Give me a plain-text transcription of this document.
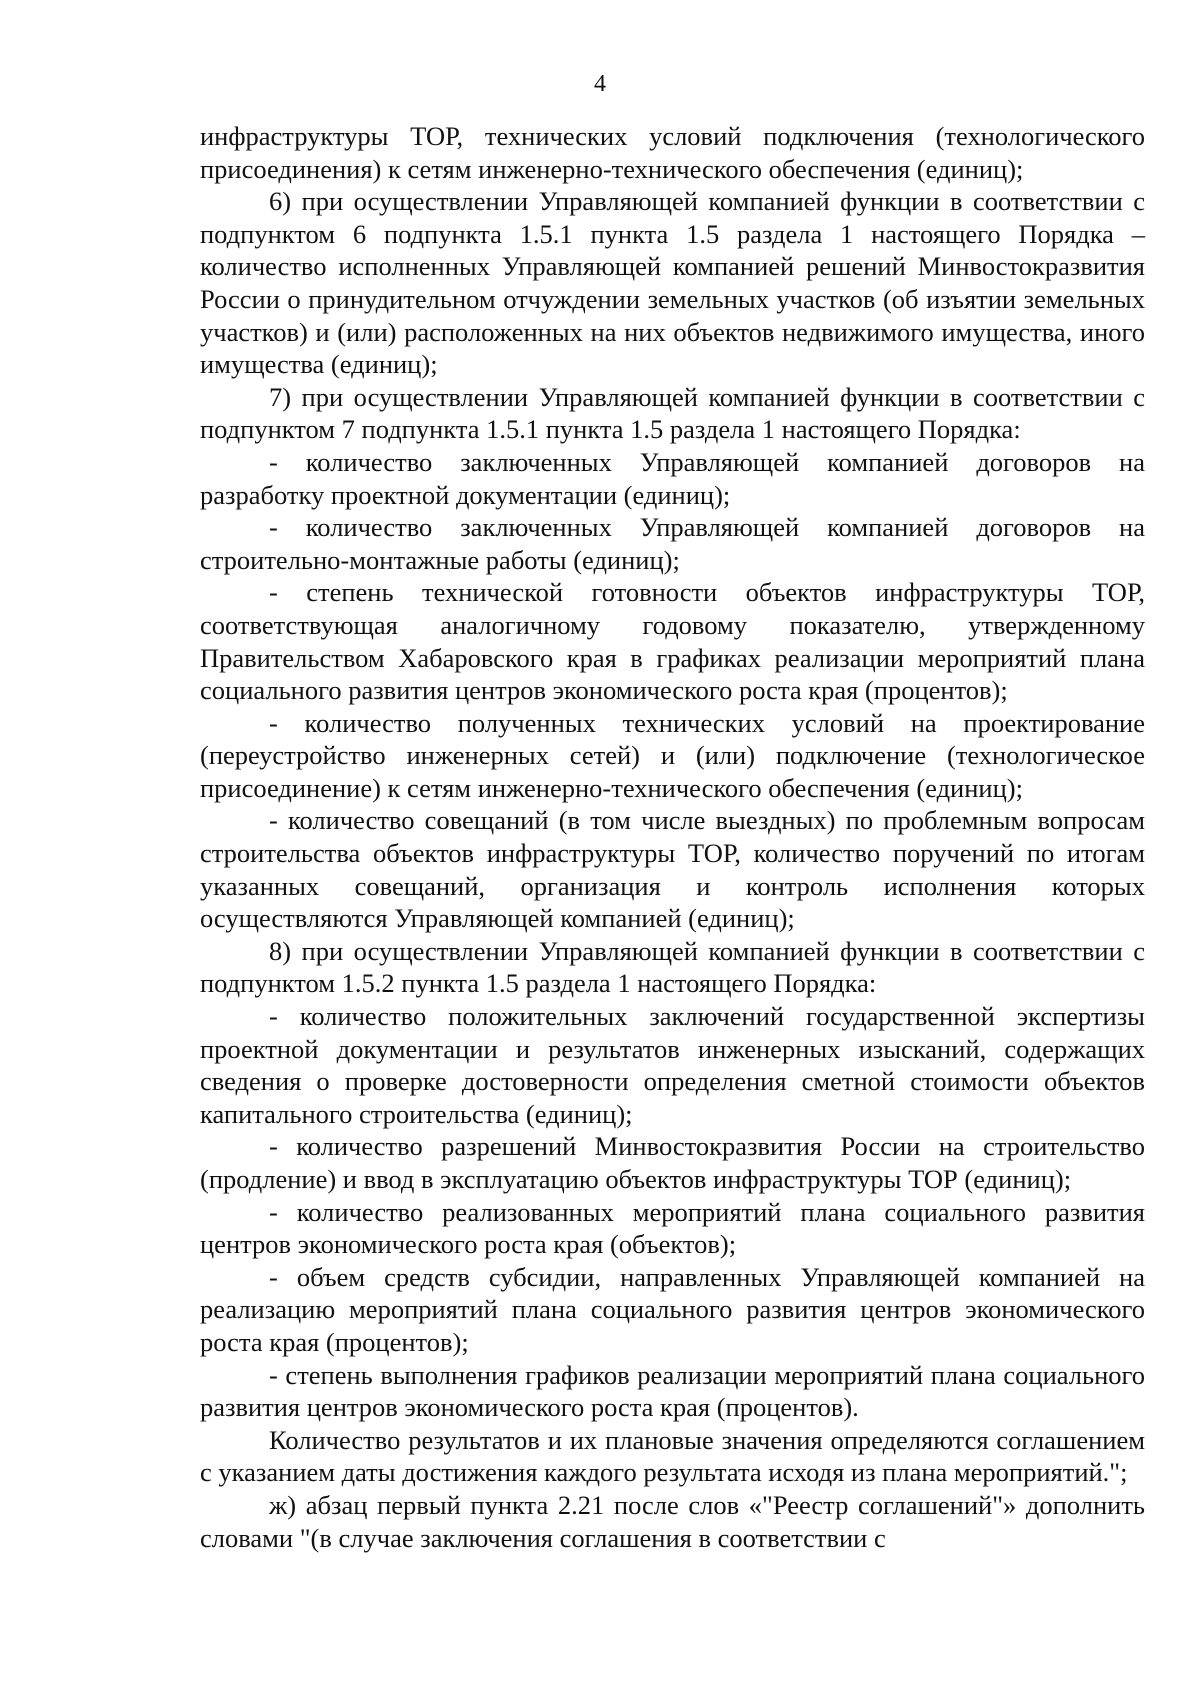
4

инфраструктуры ТОР, технических условий подключения (технологического присоединения) к сетям инженерно-технического обеспечения (единиц);

6) при осуществлении Управляющей компанией функции в соответствии с подпунктом 6 подпункта 1.5.1 пункта 1.5 раздела 1 настоящего Порядка – количество исполненных Управляющей компанией решений Минвостокразвития России о принудительном отчуждении земельных участков (об изъятии земельных участков) и (или) расположенных на них объектов недвижимого имущества, иного имущества (единиц);

7) при осуществлении Управляющей компанией функции в соответствии с подпунктом 7 подпункта 1.5.1 пункта 1.5 раздела 1 настоящего Порядка:

- количество заключенных Управляющей компанией договоров на разработку проектной документации (единиц);

- количество заключенных Управляющей компанией договоров на строительно-монтажные работы (единиц);

- степень технической готовности объектов инфраструктуры ТОР, соответствующая аналогичному годовому показателю, утвержденному Правительством Хабаровского края в графиках реализации мероприятий плана социального развития центров экономического роста края (процентов);

- количество полученных технических условий на проектирование (переустройство инженерных сетей) и (или) подключение (технологическое присоединение) к сетям инженерно-технического обеспечения (единиц);

- количество совещаний (в том числе выездных) по проблемным вопросам строительства объектов инфраструктуры ТОР, количество поручений по итогам указанных совещаний, организация и контроль исполнения которых осуществляются Управляющей компанией (единиц);

8) при осуществлении Управляющей компанией функции в соответствии с подпунктом 1.5.2 пункта 1.5 раздела 1 настоящего Порядка:

- количество положительных заключений государственной экспертизы проектной документации и результатов инженерных изысканий, содержащих сведения о проверке достоверности определения сметной стоимости объектов капитального строительства (единиц);

- количество разрешений Минвостокразвития России на строительство (продление) и ввод в эксплуатацию объектов инфраструктуры ТОР (единиц);

- количество реализованных мероприятий плана социального развития центров экономического роста края (объектов);

- объем средств субсидии, направленных Управляющей компанией на реализацию мероприятий плана социального развития центров экономического роста края (процентов);

- степень выполнения графиков реализации мероприятий плана социального развития центров экономического роста края (процентов).

Количество результатов и их плановые значения определяются соглашением с указанием даты достижения каждого результата исходя из плана мероприятий.";

ж) абзац первый пункта 2.21 после слов «"Реестр соглашений"» дополнить словами "(в случае заключения соглашения в соответствии с
